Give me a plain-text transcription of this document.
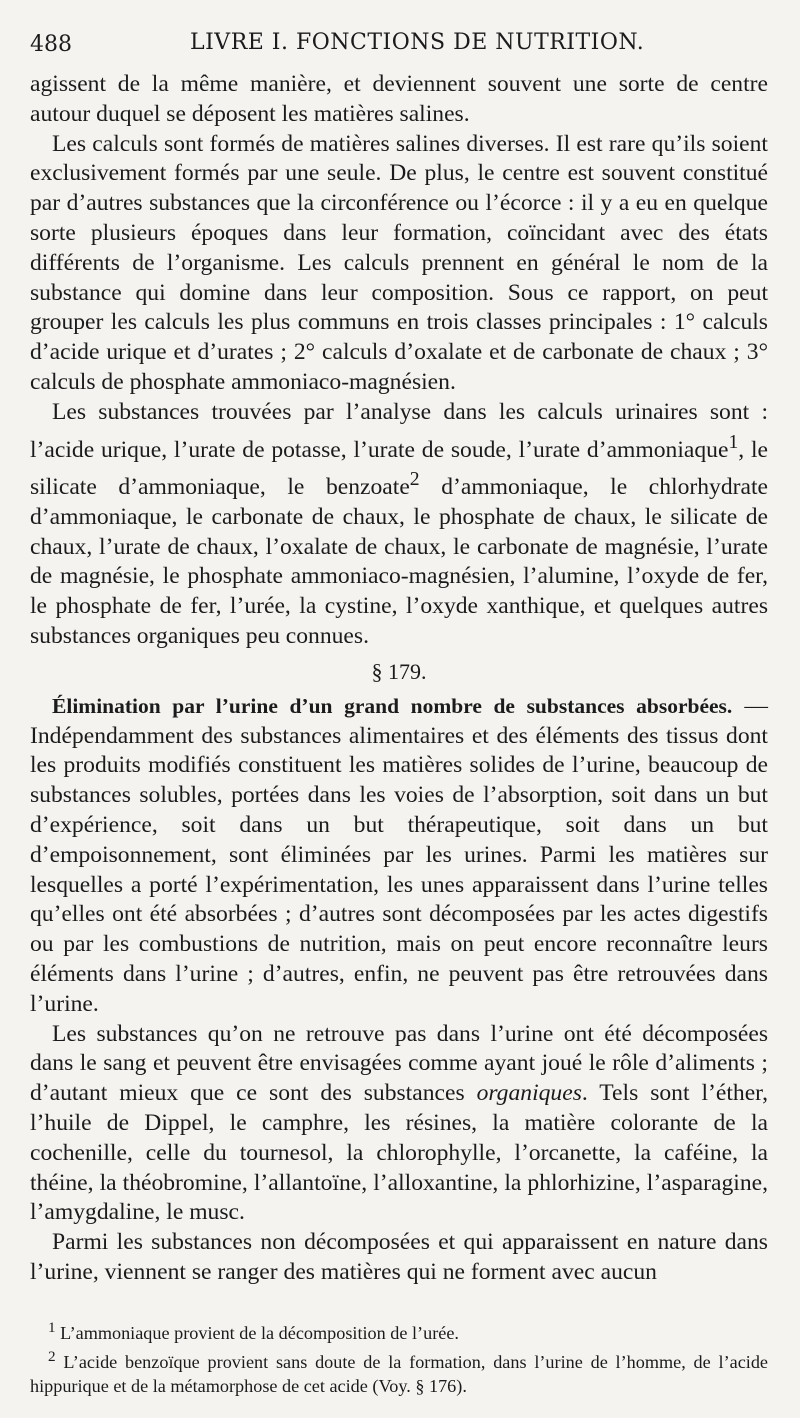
488	LIVRE I. FONCTIONS DE NUTRITION.

agissent de la même manière, et deviennent souvent une sorte de centre autour duquel se déposent les matières salines.

Les calculs sont formés de matières salines diverses. Il est rare qu’ils soient exclusivement formés par une seule. De plus, le centre est souvent constitué par d’autres substances que la circonférence ou l’écorce : il y a eu en quelque sorte plusieurs époques dans leur formation, coïncidant avec des états différents de l’organisme. Les calculs prennent en général le nom de la substance qui domine dans leur composition. Sous ce rapport, on peut grouper les calculs les plus communs en trois classes principales : 1° calculs d’acide urique et d’urates ; 2° calculs d’oxalate et de carbonate de chaux ; 3° calculs de phosphate ammoniaco-magnésien.

Les substances trouvées par l’analyse dans les calculs urinaires sont : l’acide urique, l’urate de potasse, l’urate de soude, l’urate d’ammoniaque$^1$, le silicate d’ammoniaque, le benzoate$^2$ d’ammoniaque, le chlorhydrate d’ammoniaque, le carbonate de chaux, le phosphate de chaux, le silicate de chaux, l’urate de chaux, l’oxalate de chaux, le carbonate de magnésie, l’urate de magnésie, le phosphate ammoniaco-magnésien, l’alumine, l’oxyde de fer, le phosphate de fer, l’urée, la cystine, l’oxyde xanthique, et quelques autres substances organiques peu connues.

§ 179.

Élimination par l’urine d’un grand nombre de substances absorbées. —Indépendamment des substances alimentaires et des éléments des tissus dont les produits modifiés constituent les matières solides de l’urine, beaucoup de substances solubles, portées dans les voies de l’absorption, soit dans un but d’expérience, soit dans un but thérapeutique, soit dans un but d’empoisonnement, sont éliminées par les urines. Parmi les matières sur lesquelles a porté l’expérimentation, les unes apparaissent dans l’urine telles qu’elles ont été absorbées ; d’autres sont décomposées par les actes digestifs ou par les combustions de nutrition, mais on peut encore reconnaître leurs éléments dans l’urine ; d’autres, enfin, ne peuvent pas être retrouvées dans l’urine.

Les substances qu’on ne retrouve pas dans l’urine ont été décomposées dans le sang et peuvent être envisagées comme ayant joué le rôle d’aliments ; d’autant mieux que ce sont des substances organiques. Tels sont l’éther, l’huile de Dippel, le camphre, les résines, la matière colorante de la cochenille, celle du tournesol, la chlorophylle, l’orcanette, la caféine, la théine, la théobromine, l’allantoïne, l’alloxantine, la phlorhizine, l’asparagine, l’amygdaline, le musc.

Parmi les substances non décomposées et qui apparaissent en nature dans l’urine, viennent se ranger des matières qui ne forment avec aucun

$^1$ L’ammoniaque provient de la décomposition de l’urée.

$^2$ L’acide benzoïque provient sans doute de la formation, dans l’urine de l’homme, de l’acide hippurique et de la métamorphose de cet acide (Voy. § 176).
